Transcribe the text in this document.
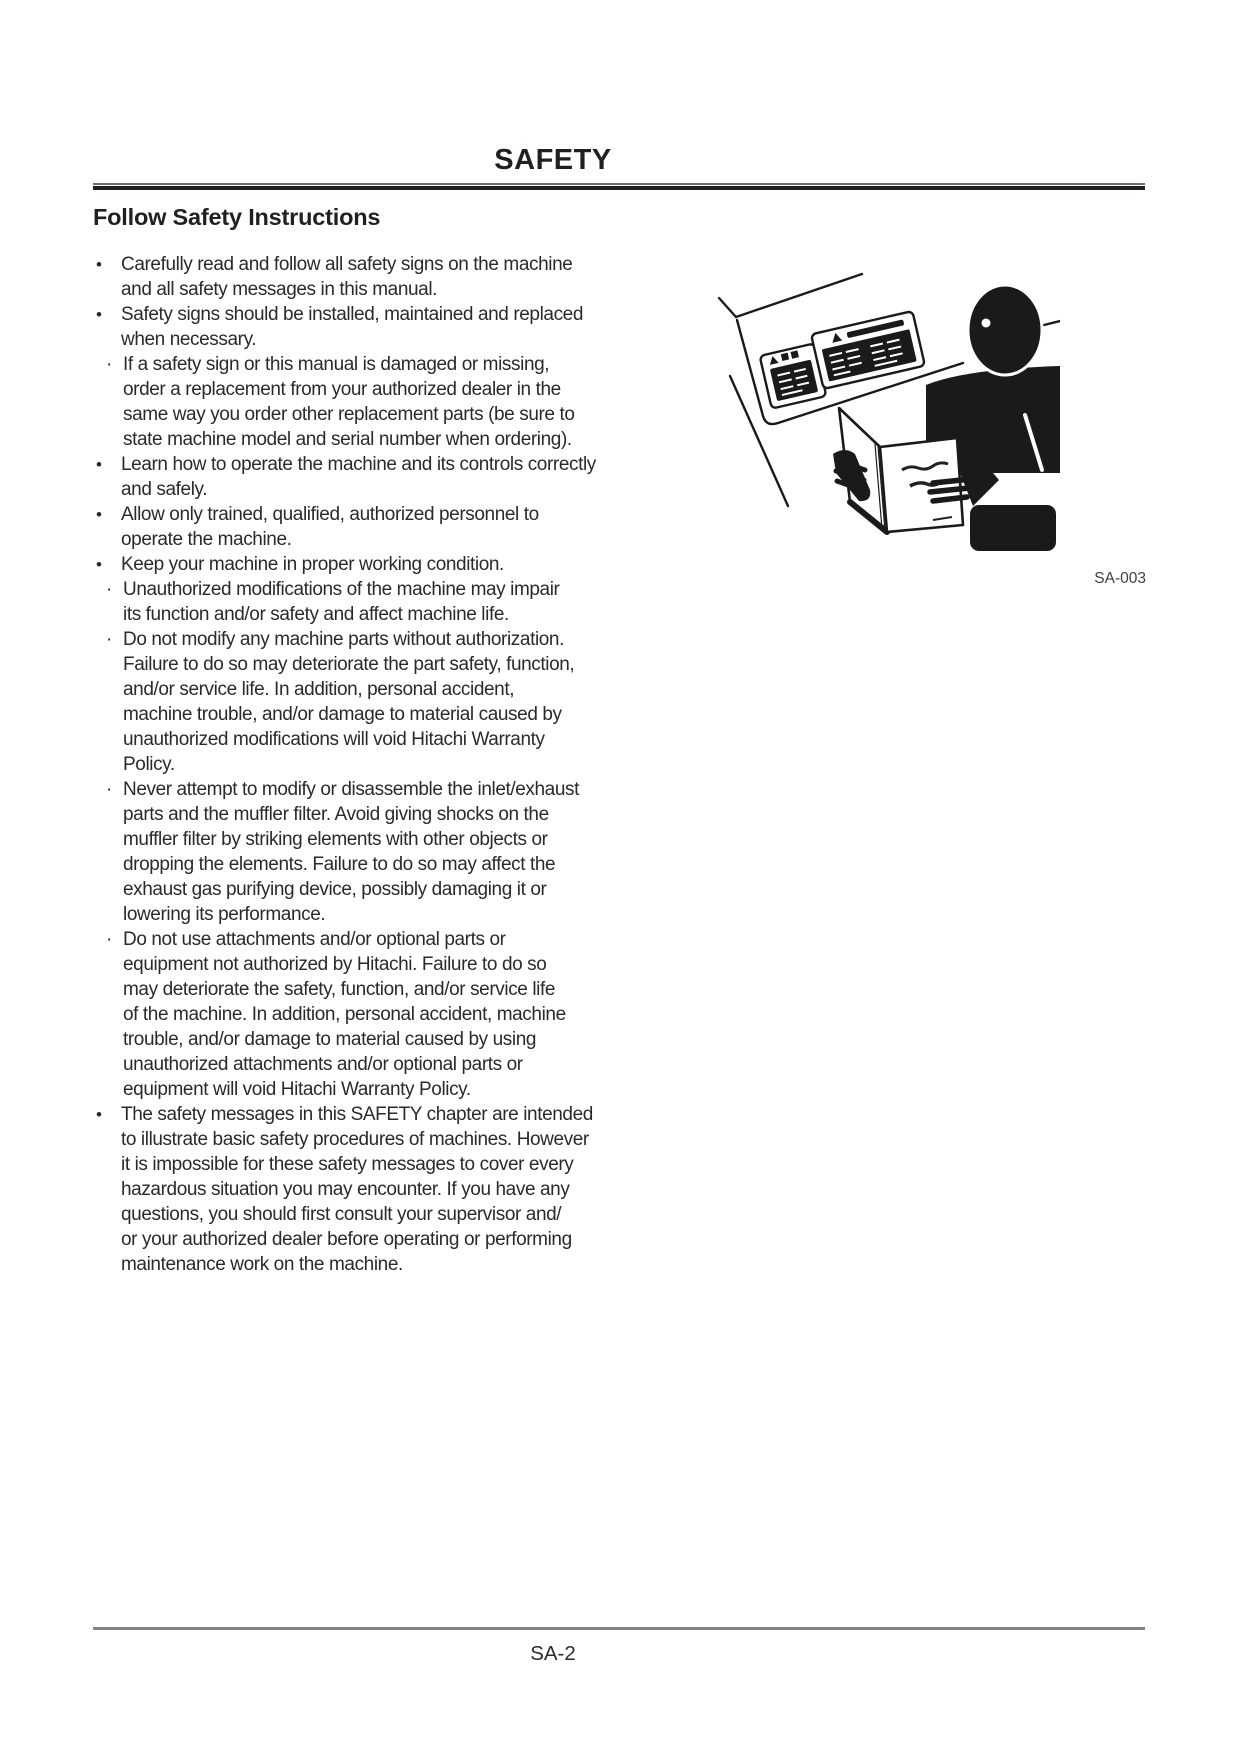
SAFETY
Follow Safety Instructions
•	Carefully read and follow all safety signs on the machine
and all safety messages in this manual.
•	Safety signs should be installed, maintained and replaced
when necessary.
· If a safety sign or this manual is damaged or missing,
order a replacement from your authorized dealer in the
same way you order other replacement parts (be sure to
state machine model and serial number when ordering).
•	Learn how to operate the machine and its controls correctly
and safely.
•	Allow only trained, qualified, authorized personnel to
operate the machine.
•	Keep your machine in proper working condition.
· Unauthorized modifications of the machine may impair
its function and/or safety and affect machine life.
· Do not modify any machine parts without authorization.
Failure to do so may deteriorate the part safety, function,
and/or service life. In addition, personal accident,
machine trouble, and/or damage to material caused by
unauthorized modifications will void Hitachi Warranty
Policy.
· Never attempt to modify or disassemble the inlet/exhaust
parts and the muffler filter. Avoid giving shocks on the
muffler filter by striking elements with other objects or
dropping the elements. Failure to do so may affect the
exhaust gas purifying device, possibly damaging it or
lowering its performance.
· Do not use attachments and/or optional parts or
equipment not authorized by Hitachi. Failure to do so
may deteriorate the safety, function, and/or service life
of the machine. In addition, personal accident, machine
trouble, and/or damage to material caused by using
unauthorized attachments and/or optional parts or
equipment will void Hitachi Warranty Policy.
•	The safety messages in this SAFETY chapter are intended
to illustrate basic safety procedures of machines. However
it is impossible for these safety messages to cover every
hazardous situation you may encounter. If you have any
questions, you should first consult your supervisor and/
or your authorized dealer before operating or performing
maintenance work on the machine.
SA-003
SA-2
